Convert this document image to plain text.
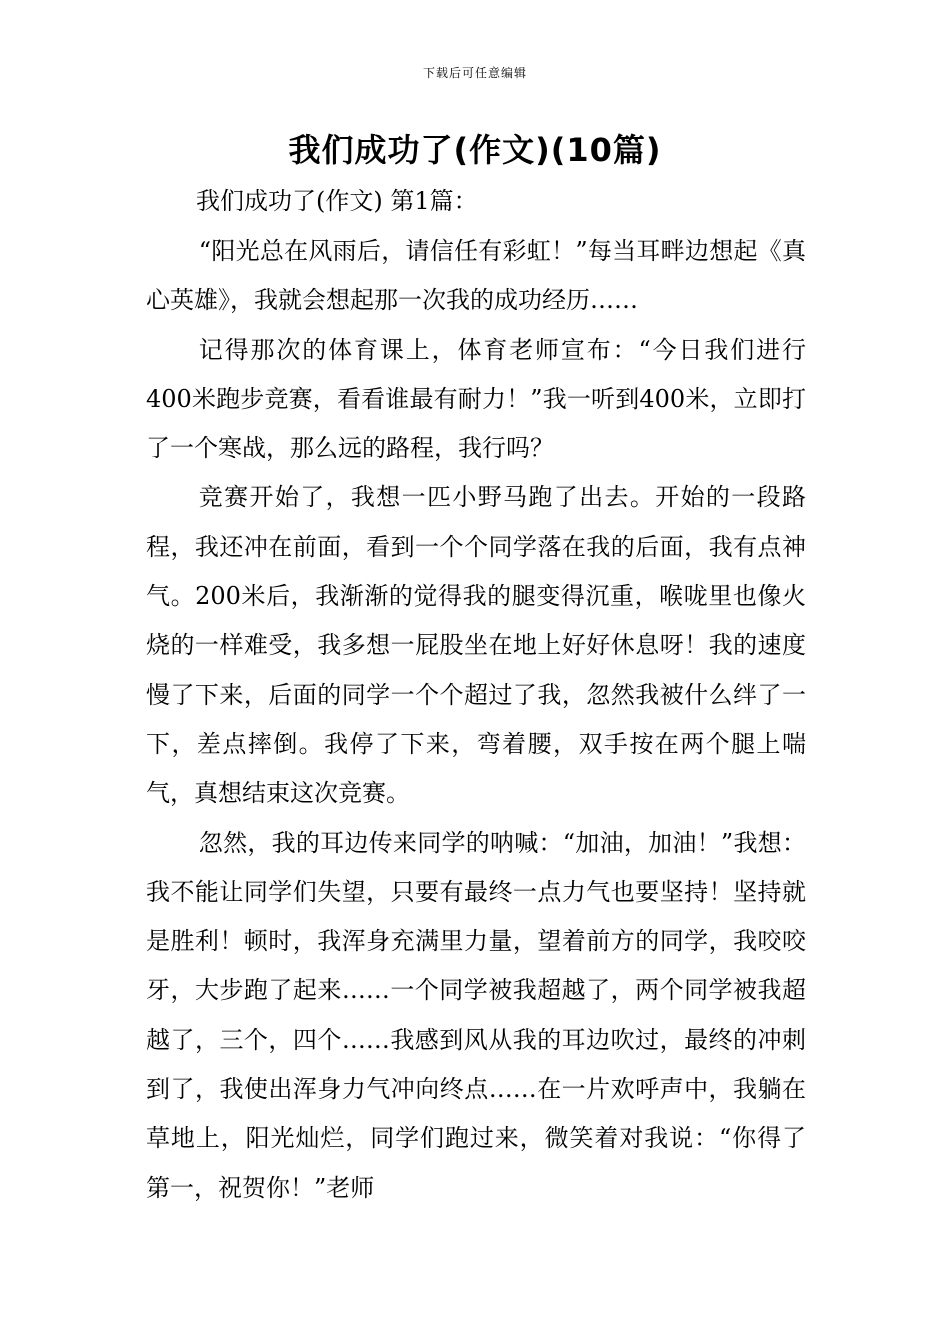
下载后可任意编辑
我们成功了(作文)(10篇)
我们成功了(作文) 第1篇：

“阳光总在风雨后，请信任有彩虹！”每当耳畔边想起《真心英雄》，我就会想起那一次我的成功经历……

记得那次的体育课上，体育老师宣布：“今日我们进行400米跑步竞赛，看看谁最有耐力！”我一听到400米，立即打了一个寒战，那么远的路程，我行吗？

竞赛开始了，我想一匹小野马跑了出去。开始的一段路程，我还冲在前面，看到一个个同学落在我的后面，我有点神气。200米后，我渐渐的觉得我的腿变得沉重，喉咙里也像火烧的一样难受，我多想一屁股坐在地上好好休息呀！我的速度慢了下来，后面的同学一个个超过了我，忽然我被什么绊了一下，差点摔倒。我停了下来，弯着腰，双手按在两个腿上喘气，真想结束这次竞赛。

忽然，我的耳边传来同学的呐喊：“加油，加油！”我想：我不能让同学们失望，只要有最终一点力气也要坚持！坚持就是胜利！顿时，我浑身充满里力量，望着前方的同学，我咬咬牙，大步跑了起来……一个同学被我超越了，两个同学被我超越了，三个，四个……我感到风从我的耳边吹过，最终的冲刺到了，我使出浑身力气冲向终点……在一片欢呼声中，我躺在草地上，阳光灿烂，同学们跑过来，微笑着对我说：“你得了第一，祝贺你！”老师
